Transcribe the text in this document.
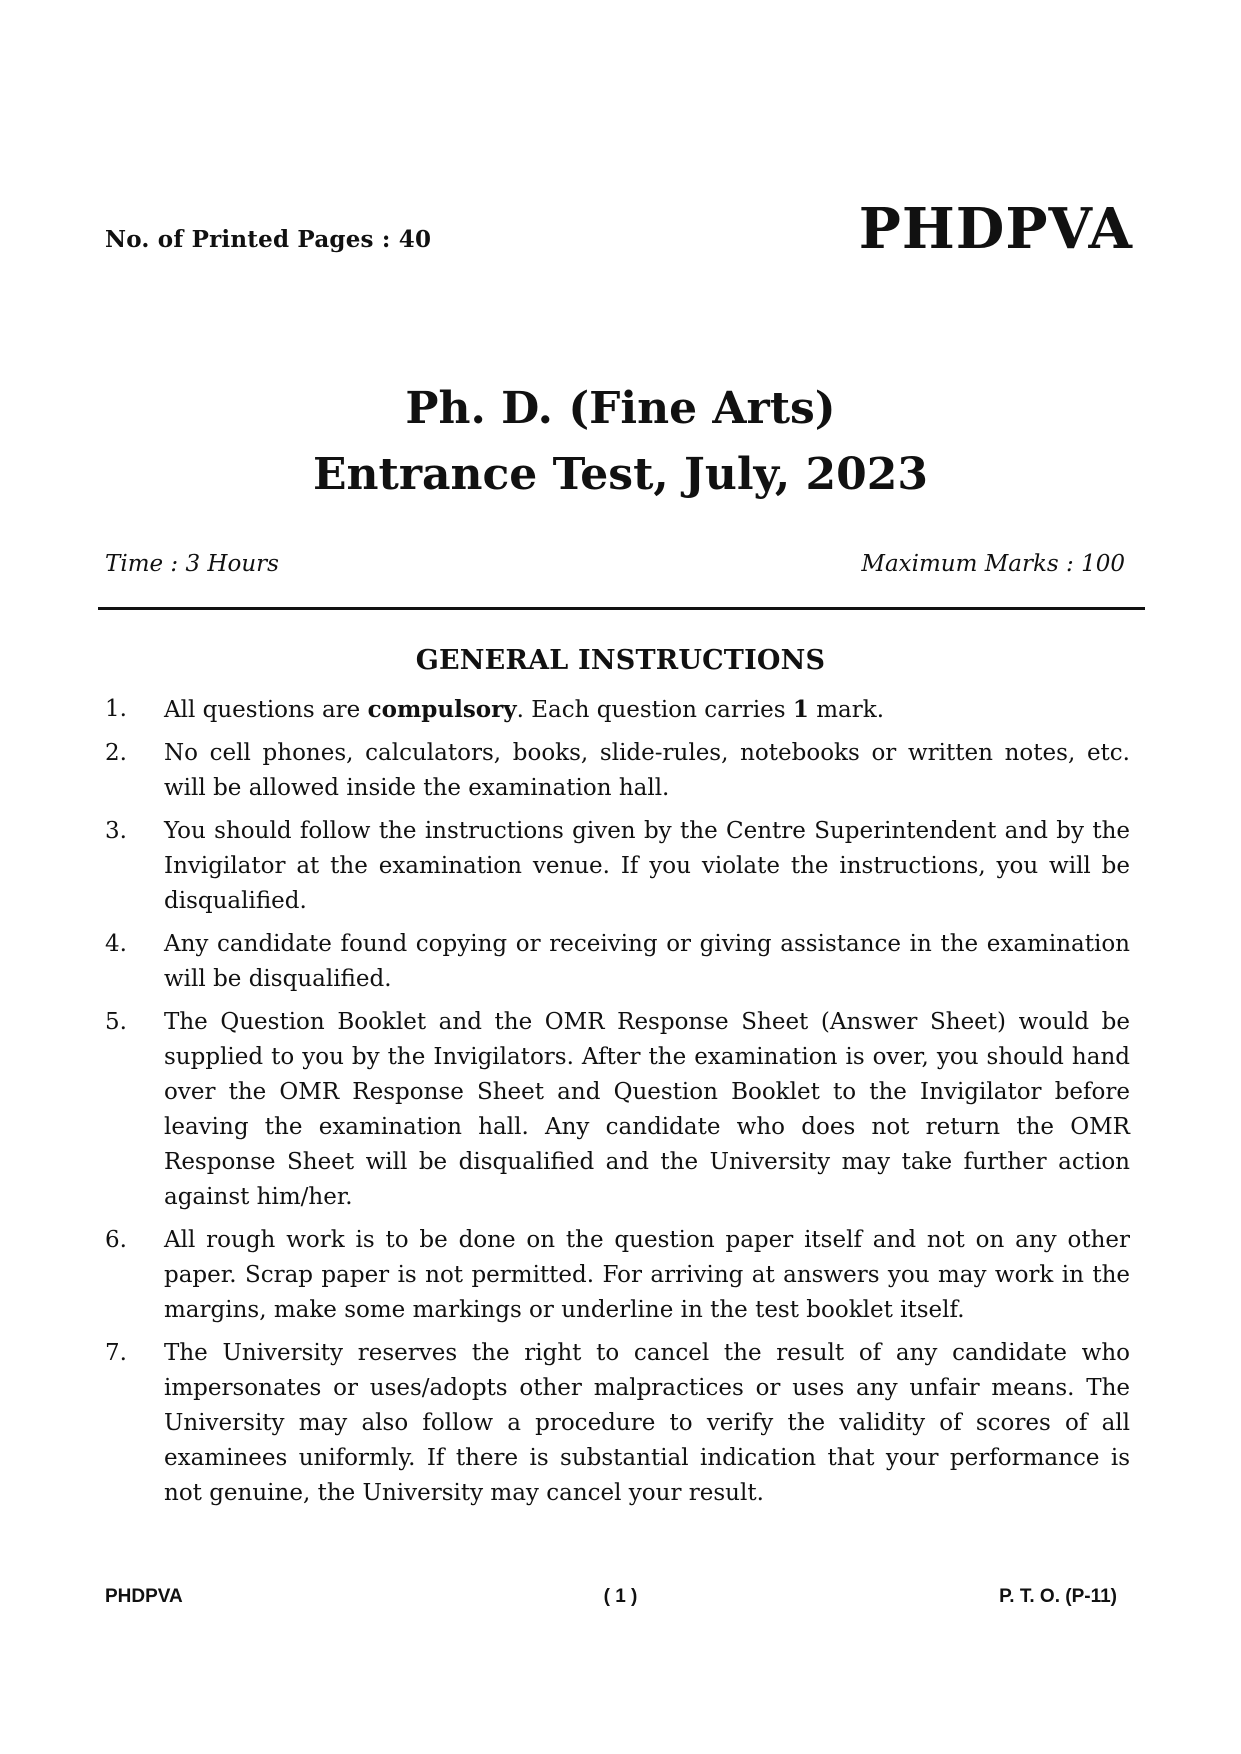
No. of Printed Pages : 40	PHDPVA
Ph. D. (Fine Arts)
Entrance Test, July, 2023
Time : 3 Hours	Maximum Marks : 100
GENERAL INSTRUCTIONS
1.	All questions are compulsory. Each question carries 1 mark.
2.	No cell phones, calculators, books, slide-rules, notebooks or written notes, etc. will be allowed inside the examination hall.
3.	You should follow the instructions given by the Centre Superintendent and by the Invigilator at the examination venue. If you violate the instructions, you will be disqualified.
4.	Any candidate found copying or receiving or giving assistance in the examination will be disqualified.
5.	The Question Booklet and the OMR Response Sheet (Answer Sheet) would be supplied to you by the Invigilators. After the examination is over, you should hand over the OMR Response Sheet and Question Booklet to the Invigilator before leaving the examination hall. Any candidate who does not return the OMR Response Sheet will be disqualified and the University may take further action against him/her.
6.	All rough work is to be done on the question paper itself and not on any other paper. Scrap paper is not permitted. For arriving at answers you may work in the margins, make some markings or underline in the test booklet itself.
7.	The University reserves the right to cancel the result of any candidate who impersonates or uses/adopts other malpractices or uses any unfair means. The University may also follow a procedure to verify the validity of scores of all examinees uniformly. If there is substantial indication that your performance is not genuine, the University may cancel your result.
PHDPVA	( 1 )	P. T. O. (P-11)
